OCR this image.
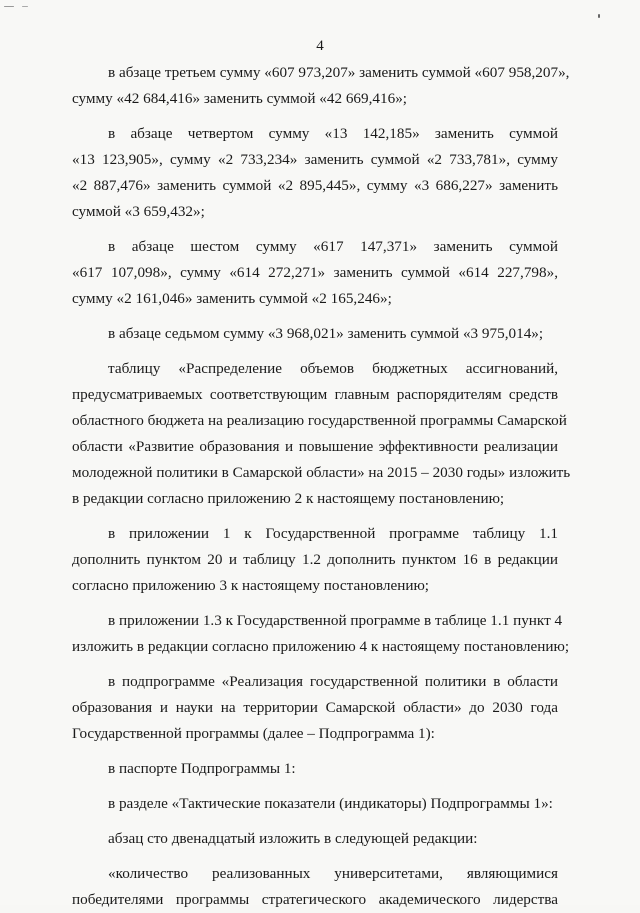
4
в абзаце третьем сумму «607 973,207» заменить суммой «607 958,207»,
сумму «42 684,416» заменить суммой «42 669,416»;
в абзаце четвертом сумму «13 142,185» заменить суммой
«13 123,905», сумму «2 733,234» заменить суммой «2 733,781», сумму
«2 887,476» заменить суммой «2 895,445», сумму «3 686,227» заменить
суммой «3 659,432»;
в абзаце шестом сумму «617 147,371» заменить суммой
«617 107,098», сумму «614 272,271» заменить суммой «614 227,798»,
сумму «2 161,046» заменить суммой «2 165,246»;
в абзаце седьмом сумму «3 968,021» заменить суммой «3 975,014»;
таблицу «Распределение объемов бюджетных ассигнований,
предусматриваемых соответствующим главным распорядителям средств
областного бюджета на реализацию государственной программы Самарской
области «Развитие образования и повышение эффективности реализации
молодежной политики в Самарской области» на 2015 – 2030 годы» изложить
в редакции согласно приложению 2 к настоящему постановлению;
в приложении 1 к Государственной программе таблицу 1.1
дополнить пунктом 20 и таблицу 1.2 дополнить пунктом 16 в редакции
согласно приложению 3 к настоящему постановлению;
в приложении 1.3 к Государственной программе в таблице 1.1 пункт 4
изложить в редакции согласно приложению 4 к настоящему постановлению;
в подпрограмме «Реализация государственной политики в области
образования и науки на территории Самарской области» до 2030 года
Государственной программы (далее – Подпрограмма 1):
в паспорте Подпрограммы 1:
в разделе «Тактические показатели (индикаторы) Подпрограммы 1»:
абзац сто двенадцатый изложить в следующей редакции:
«количество реализованных университетами, являющимися
победителями программы стратегического академического лидерства
